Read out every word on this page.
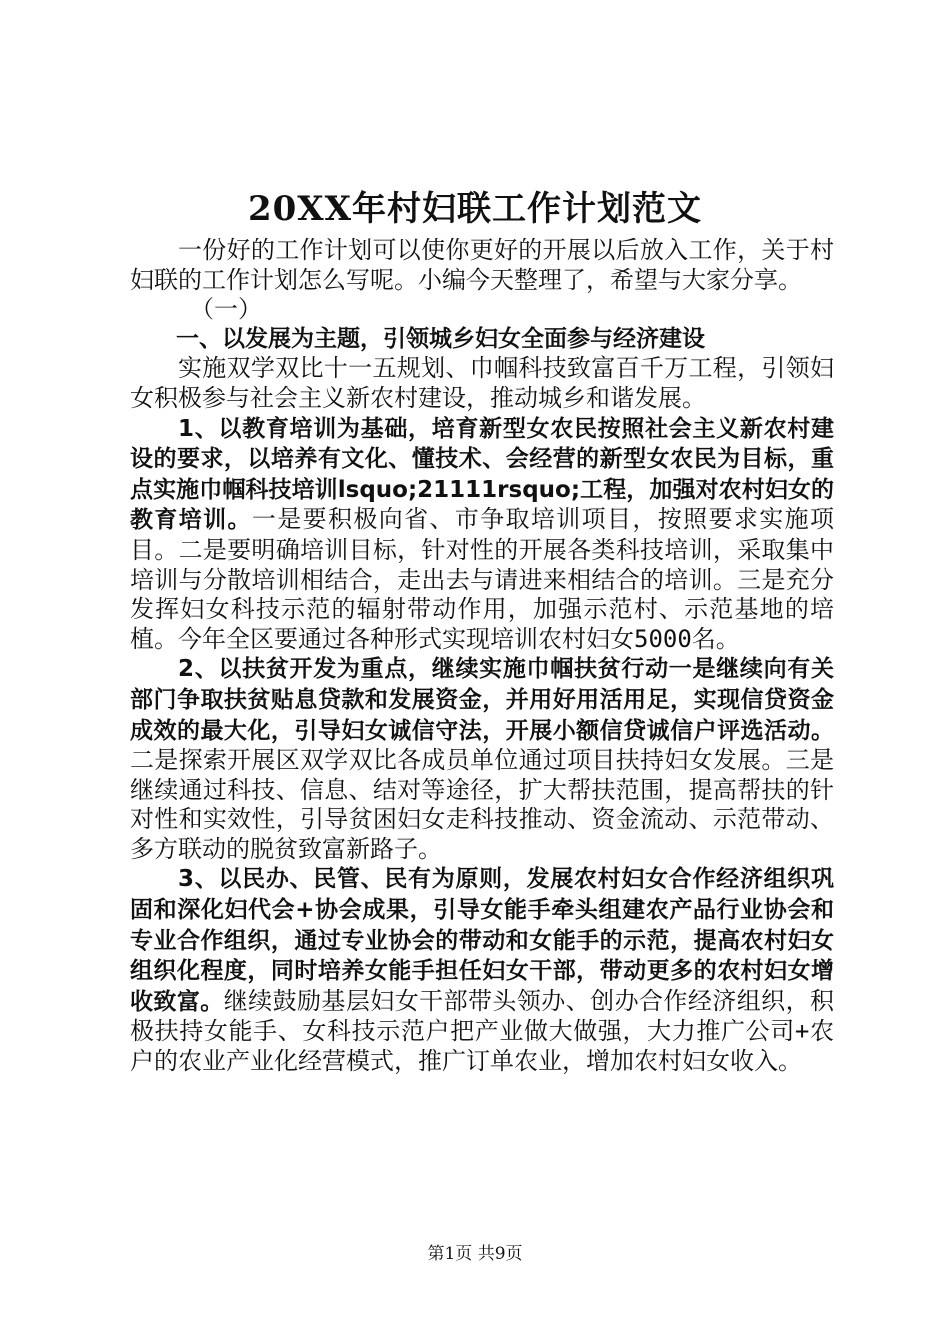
20XX年村妇联工作计划范文

一份好的工作计划可以使你更好的开展以后放入工作，关于村妇联的工作计划怎么写呢。小编今天整理了，希望与大家分享。

（一）

一、以发展为主题，引领城乡妇女全面参与经济建设

实施双学双比十一五规划、巾帼科技致富百千万工程，引领妇女积极参与社会主义新农村建设，推动城乡和谐发展。

1、以教育培训为基础，培育新型女农民按照社会主义新农村建设的要求，以培养有文化、懂技术、会经营的新型女农民为目标，重点实施巾帼科技培训lsquo;21111rsquo;工程，加强对农村妇女的教育培训。一是要积极向省、市争取培训项目，按照要求实施项目。二是要明确培训目标，针对性的开展各类科技培训，采取集中培训与分散培训相结合，走出去与请进来相结合的培训。三是充分发挥妇女科技示范的辐射带动作用，加强示范村、示范基地的培植。今年全区要通过各种形式实现培训农村妇女5000名。

2、以扶贫开发为重点，继续实施巾帼扶贫行动一是继续向有关部门争取扶贫贴息贷款和发展资金，并用好用活用足，实现信贷资金成效的最大化，引导妇女诚信守法，开展小额信贷诚信户评选活动。二是探索开展区双学双比各成员单位通过项目扶持妇女发展。三是继续通过科技、信息、结对等途径，扩大帮扶范围，提高帮扶的针对性和实效性，引导贫困妇女走科技推动、资金流动、示范带动、多方联动的脱贫致富新路子。

3、以民办、民管、民有为原则，发展农村妇女合作经济组织巩固和深化妇代会+协会成果，引导女能手牵头组建农产品行业协会和专业合作组织，通过专业协会的带动和女能手的示范，提高农村妇女组织化程度，同时培养女能手担任妇女干部，带动更多的农村妇女增收致富。继续鼓励基层妇女干部带头领办、创办合作经济组织，积极扶持女能手、女科技示范户把产业做大做强，大力推广公司+农户的农业产业化经营模式，推广订单农业，增加农村妇女收入。

第1页 共9页
